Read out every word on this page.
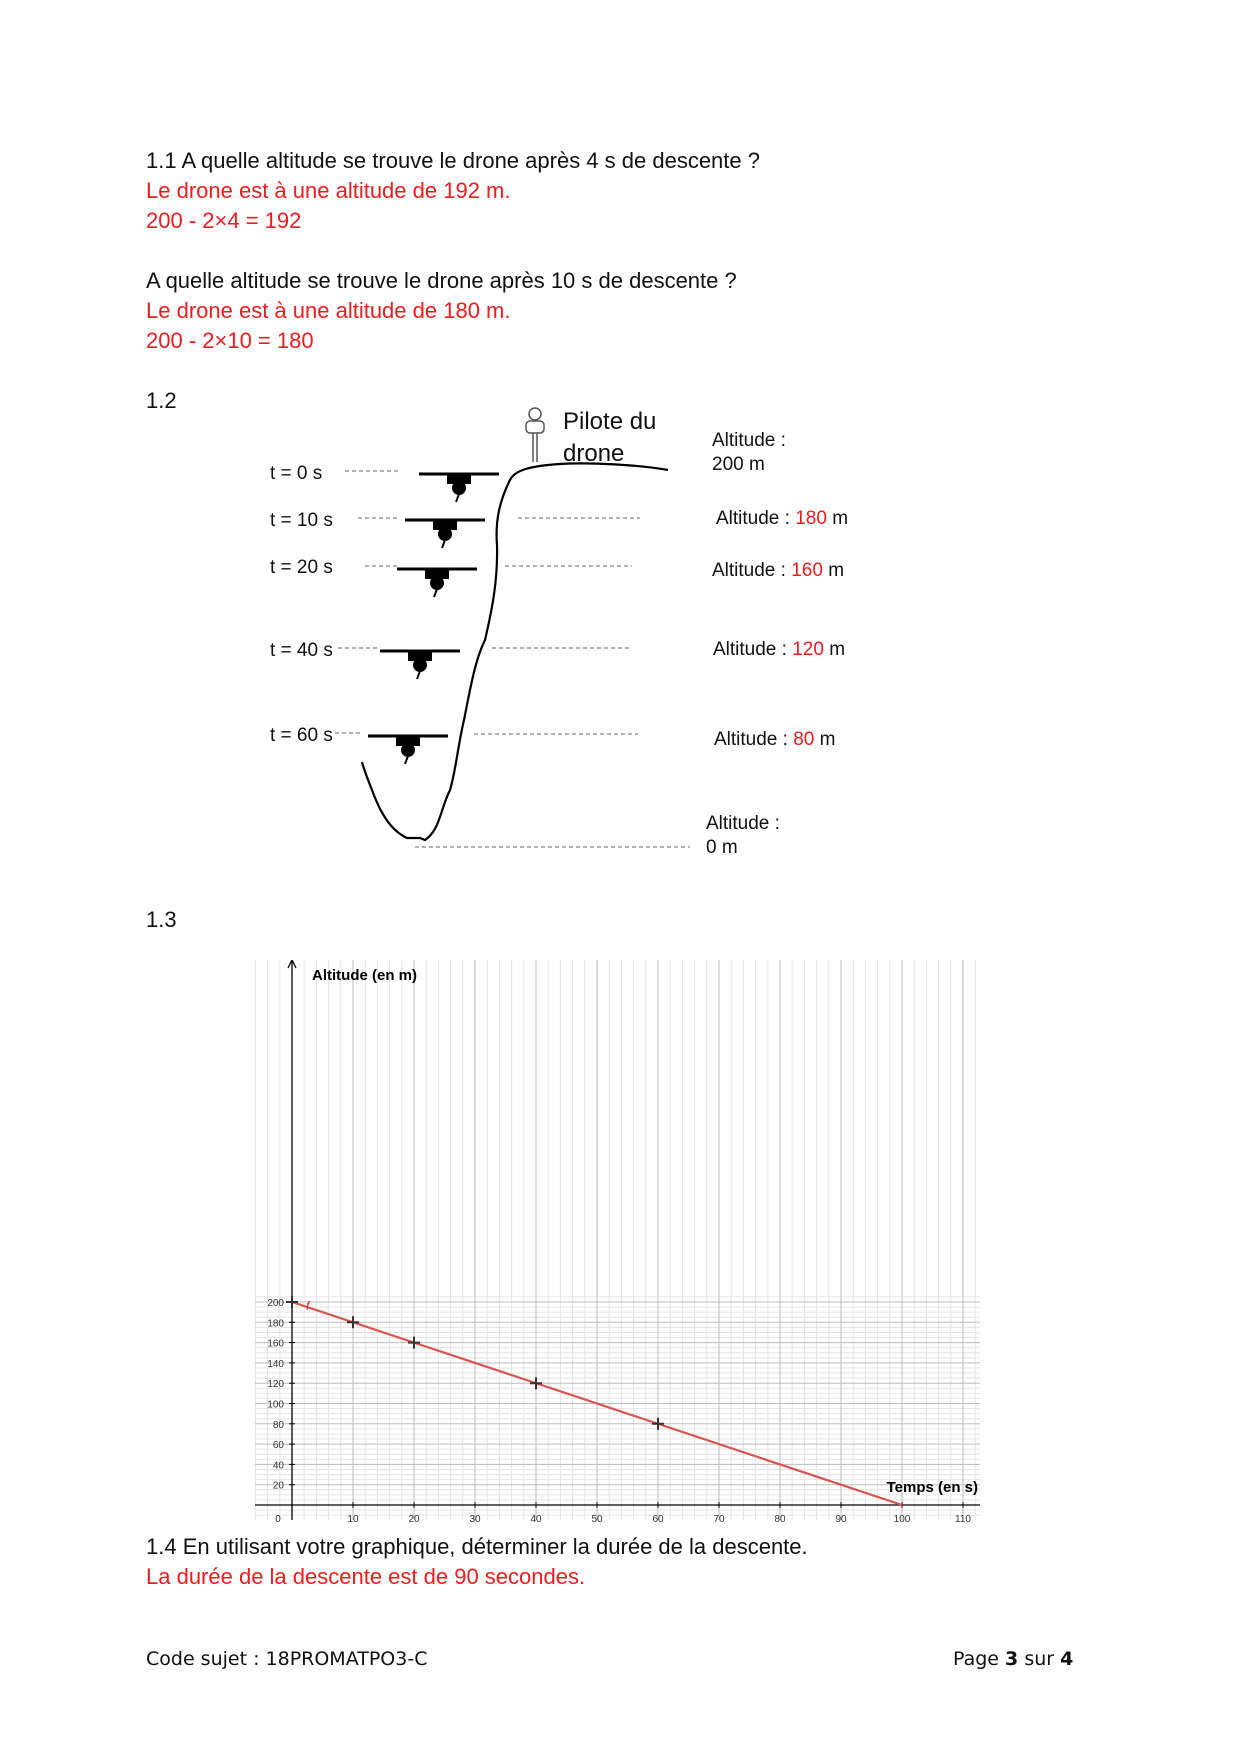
1.1 A quelle altitude se trouve le drone après 4 s de descente ?
Le drone est à une altitude de 192 m.
200 - 2×4 = 192
A quelle altitude se trouve le drone après 10 s de descente ?
Le drone est à une altitude de 180 m.
200 - 2×10 = 180
1.2
Pilote du
drone
t = 0 s
t = 10 s
t = 20 s
t = 40 s
t = 60 s
Altitude :
200 m
Altitude : 180 m
Altitude : 160 m
Altitude : 120 m
Altitude : 80 m
Altitude :
0 m
1.3
0	10	20	30	40	50	60	70	80	90	100	110
20
40
60
80
100
120
140
160
180
200
Altitude (en m)
Temps (en s)
f
1.4 En utilisant votre graphique, déterminer la durée de la descente.
La durée de la descente est de 90 secondes.
Code sujet : 18PROMATPO3-C	Page 3 sur 4
